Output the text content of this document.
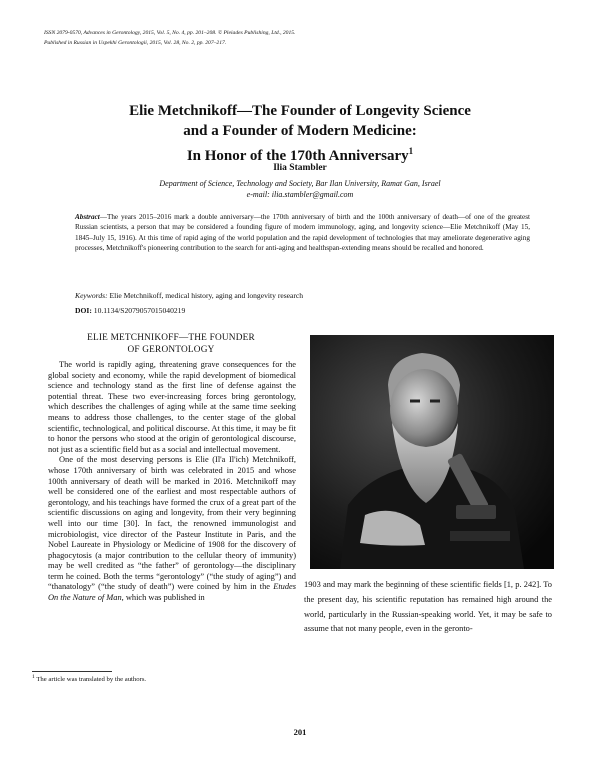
ISSN 2079-0570, Advances in Gerontology, 2015, Vol. 5, No. 4, pp. 201–208. © Pleiades Publishing, Ltd., 2015.
Published in Russian in Uspekhi Gerontologii, 2015, Vol. 28, No. 2, pp. 207–217.
Elie Metchnikoff—The Founder of Longevity Science
and a Founder of Modern Medicine:
In Honor of the 170th Anniversary$^1$
Ilia Stambler
Department of Science, Technology and Society, Bar Ilan University, Ramat Gan, Israel
e-mail: ilia.stambler@gmail.com
Abstract—The years 2015–2016 mark a double anniversary—the 170th anniversary of birth and the 100th anniversary of death—of one of the greatest Russian scientists, a person that may be considered a founding figure of modern immunology, aging, and longevity science—Elie Metchnikoff (May 15, 1845–July 15, 1916). At this time of rapid aging of the world population and the rapid development of technologies that may ameliorate degenerative aging processes, Metchnikoff's pioneering contribution to the search for anti-aging and healthspan-extending means should be recalled and honored.
Keywords: Elie Metchnikoff, medical history, aging and longevity research
DOI: 10.1134/S2079057015040219
ELIE METCHNIKOFF—THE FOUNDER
OF GERONTOLOGY

The world is rapidly aging, threatening grave consequences for the global society and economy, while the rapid development of biomedical science and technology stand as the first line of defense against the potential threat. These two ever-increasing forces bring gerontology, which describes the challenges of aging while at the same time seeking means to address those challenges, to the center stage of the global scientific, technological, and political discourse. At this time, it may be fit to honor the persons who stood at the origin of gerontological discourse, not just as a scientific field but as a social and intellectual movement.

One of the most deserving persons is Elie (Il'a Il'ich) Metchnikoff, whose 170th anniversary of birth was celebrated in 2015 and whose 100th anniversary of death will be marked in 2016. Metchnikoff may well be considered one of the earliest and most respectable authors of gerontology, and his teachings have formed the crux of a great part of the scientific discussions on aging and longevity, from their very beginning well into our time [30]. In fact, the renowned immunologist and microbiologist, vice director of the Pasteur Institute in Paris, and the Nobel Laureate in Physiology or Medicine of 1908 for the discovery of phagocytosis (a major contribution to the cellular theory of immunity) may be well credited as “the father” of gerontology—the disciplinary term he coined. Both the terms “gerontology” (“the study of aging”) and “thanatology” (“the study of death”) were coined by him in the Etudes On the Nature of Man, which was published in

1903 and may mark the beginning of these scientific fields [1, p. 242]. To the present day, his scientific reputation has remained high around the world, particularly in the Russian-speaking world. Yet, it may be safe to assume that not many people, even in the geronto-

$^1$ The article was translated by the authors.
201
